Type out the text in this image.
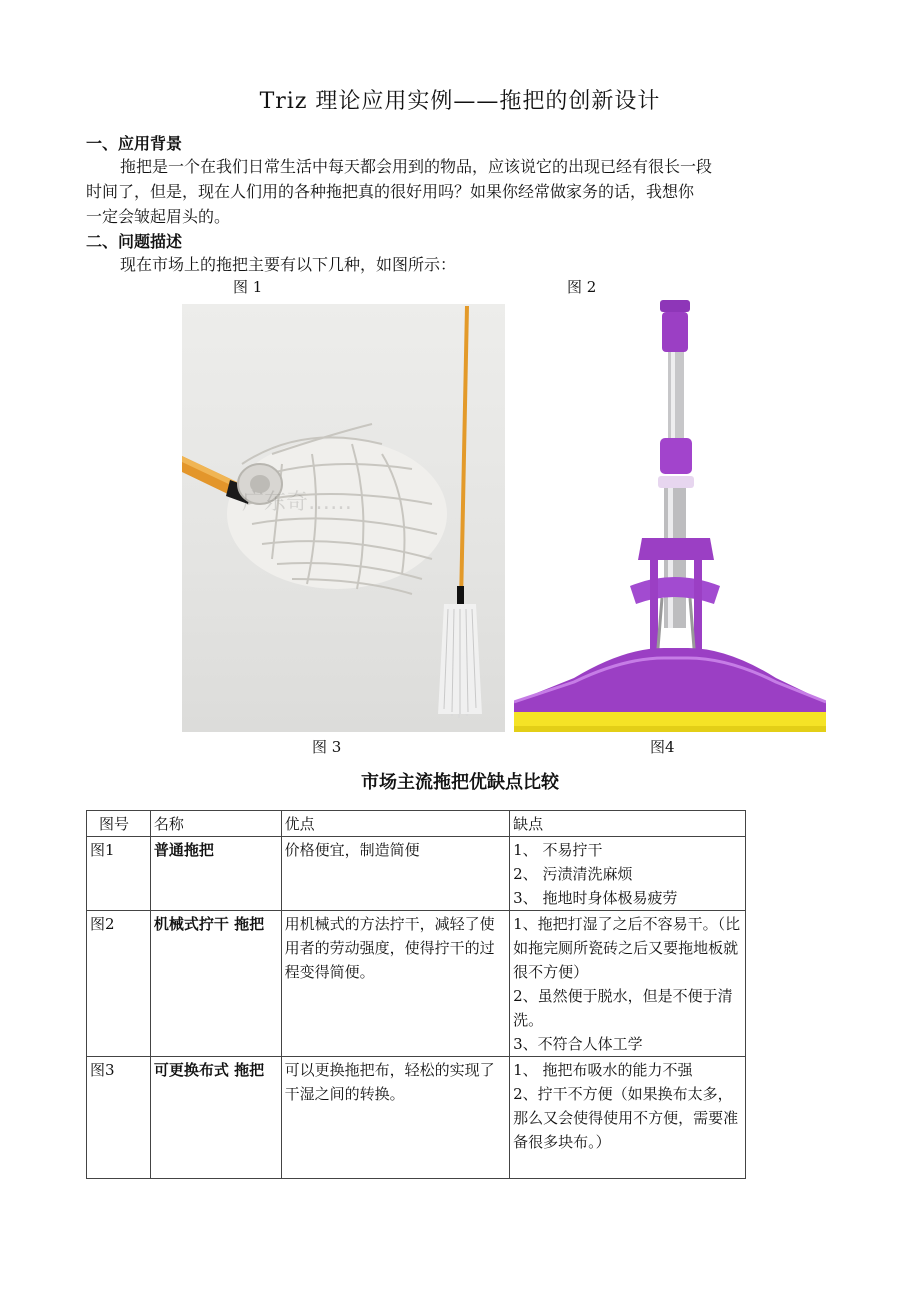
Triz 理论应用实例——拖把的创新设计
一、应用背景
拖把是一个在我们日常生活中每天都会用到的物品，应该说它的出现已经有很长一段
时间了，但是，现在人们用的各种拖把真的很好用吗？如果你经常做家务的话，我想你
一定会皱起眉头的。
二、问题描述
现在市场上的拖把主要有以下几种，如图所示：
图 1	图 2
广东奇……
图 3	图4
市场主流拖把优缺点比较
图号	名称	优点	缺点
图1	普通拖把	价格便宜，制造简便	1、 不易拧干
2、 污渍清洗麻烦
3、 拖地时身体极易疲劳

图2	机械式拧干 拖把	用机械式的方法拧干，减轻了使用者的劳动强度，使得拧干的过程变得简便。	1、拖把打湿了之后不容易干。（比如拖完厕所瓷砖之后又要拖地板就很不方便）
2、虽然便于脱水，但是不便于清洗。
3、不符合人体工学

图3	可更换布式 拖把	可以更换拖把布，轻松的实现了干湿之间的转换。	1、 拖把布吸水的能力不强
2、拧干不方便（如果换布太多，那么又会使得使用不方便，需要准备很多块布。）
